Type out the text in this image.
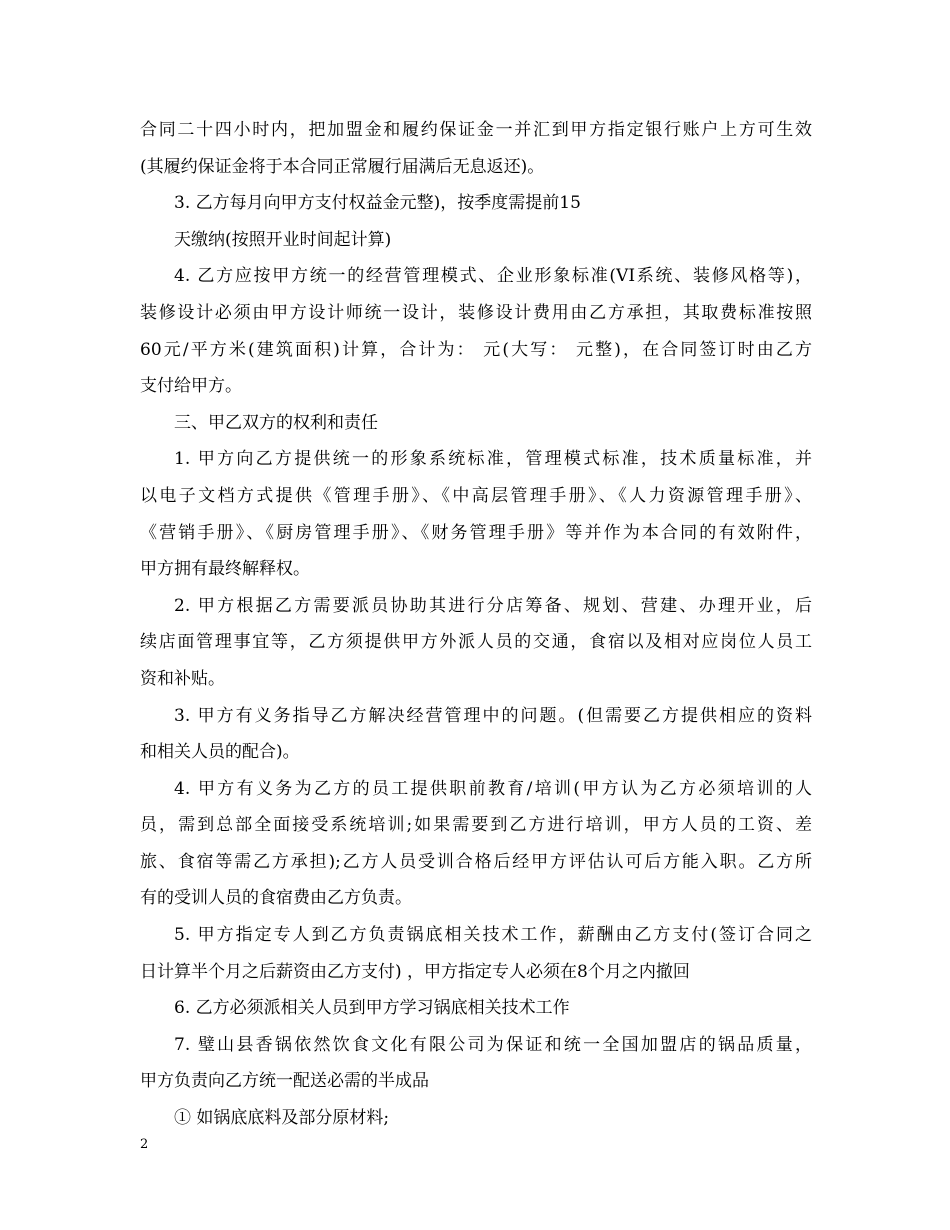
合同二十四小时内，把加盟金和履约保证金一并汇到甲方指定银行账户上方可生效
(其履约保证金将于本合同正常履行届满后无息返还)。
3. 乙方每月向甲方支付权益金元整)，按季度需提前15
天缴纳(按照开业时间起计算)
4. 乙方应按甲方统一的经营管理模式、企业形象标准(VI系统、装修风格等)，
装修设计必须由甲方设计师统一设计，装修设计费用由乙方承担，其取费标准按照
60元/平方米(建筑面积)计算，合计为： 元(大写： 元整)，在合同签订时由乙方
支付给甲方。
三、甲乙双方的权利和责任
1. 甲方向乙方提供统一的形象系统标准，管理模式标准，技术质量标准，并
以电子文档方式提供《管理手册》、《中高层管理手册》、《人力资源管理手册》、
《营销手册》、《厨房管理手册》、《财务管理手册》等并作为本合同的有效附件，
甲方拥有最终解释权。
2. 甲方根据乙方需要派员协助其进行分店筹备、规划、营建、办理开业，后
续店面管理事宜等，乙方须提供甲方外派人员的交通，食宿以及相对应岗位人员工
资和补贴。
3. 甲方有义务指导乙方解决经营管理中的问题。(但需要乙方提供相应的资料
和相关人员的配合)。
4. 甲方有义务为乙方的员工提供职前教育/培训(甲方认为乙方必须培训的人
员，需到总部全面接受系统培训;如果需要到乙方进行培训，甲方人员的工资、差
旅、食宿等需乙方承担);乙方人员受训合格后经甲方评估认可后方能入职。乙方所
有的受训人员的食宿费由乙方负责。
5. 甲方指定专人到乙方负责锅底相关技术工作，薪酬由乙方支付(签订合同之
日计算半个月之后薪资由乙方支付) ，甲方指定专人必须在8个月之内撤回
6. 乙方必须派相关人员到甲方学习锅底相关技术工作
7. 璧山县香锅依然饮食文化有限公司为保证和统一全国加盟店的锅品质量，
甲方负责向乙方统一配送必需的半成品
① 如锅底底料及部分原材料;
2
